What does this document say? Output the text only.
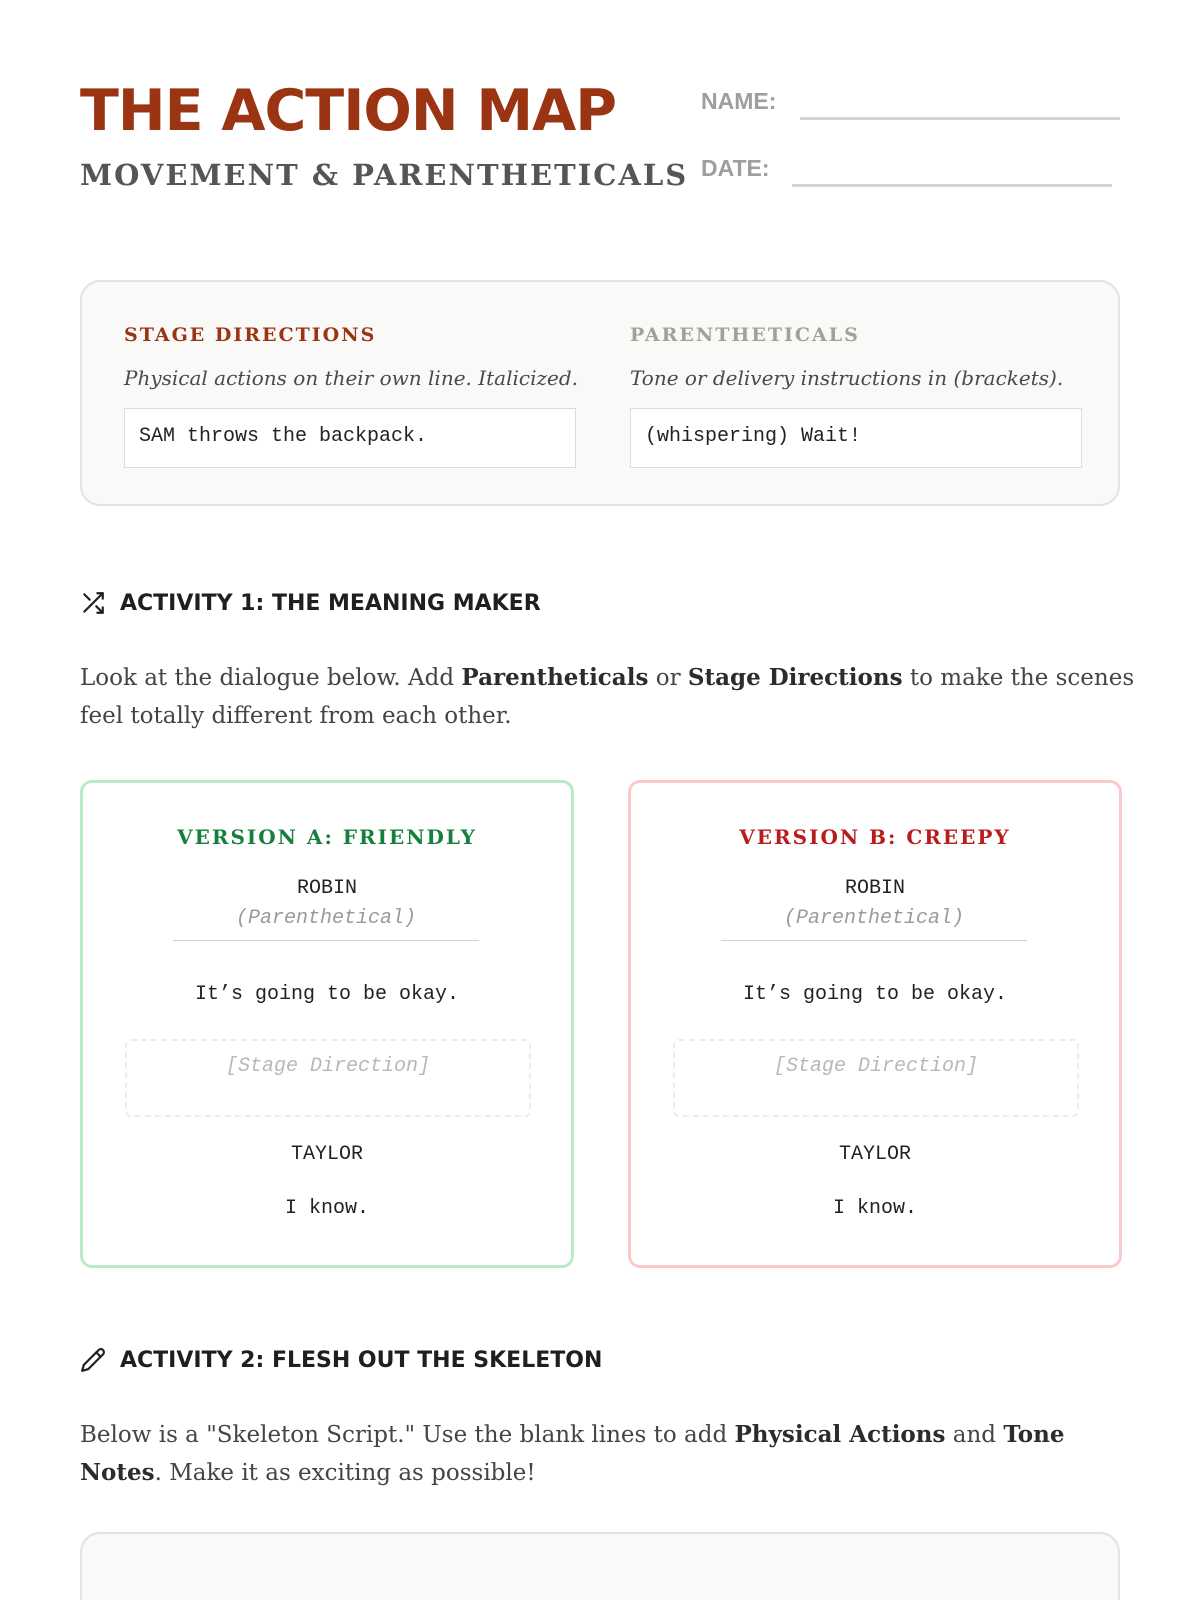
THE ACTION MAP
MOVEMENT & PARENTHETICALS
NAME:
DATE:
STAGE DIRECTIONS
Physical actions on their own line. Italicized.
SAM throws the backpack.
PARENTHETICALS
Tone or delivery instructions in (brackets).
(whispering) Wait!
ACTIVITY 1: THE MEANING MAKER
Look at the dialogue below. Add Parentheticals or Stage Directions to make the scenes feel totally different from each other.
VERSION A: FRIENDLY
ROBIN
(Parenthetical)
It’s going to be okay.
[Stage Direction]
TAYLOR
I know.
VERSION B: CREEPY
ROBIN
(Parenthetical)
It’s going to be okay.
[Stage Direction]
TAYLOR
I know.
ACTIVITY 2: FLESH OUT THE SKELETON
Below is a "Skeleton Script." Use the blank lines to add Physical Actions and Tone Notes. Make it as exciting as possible!
